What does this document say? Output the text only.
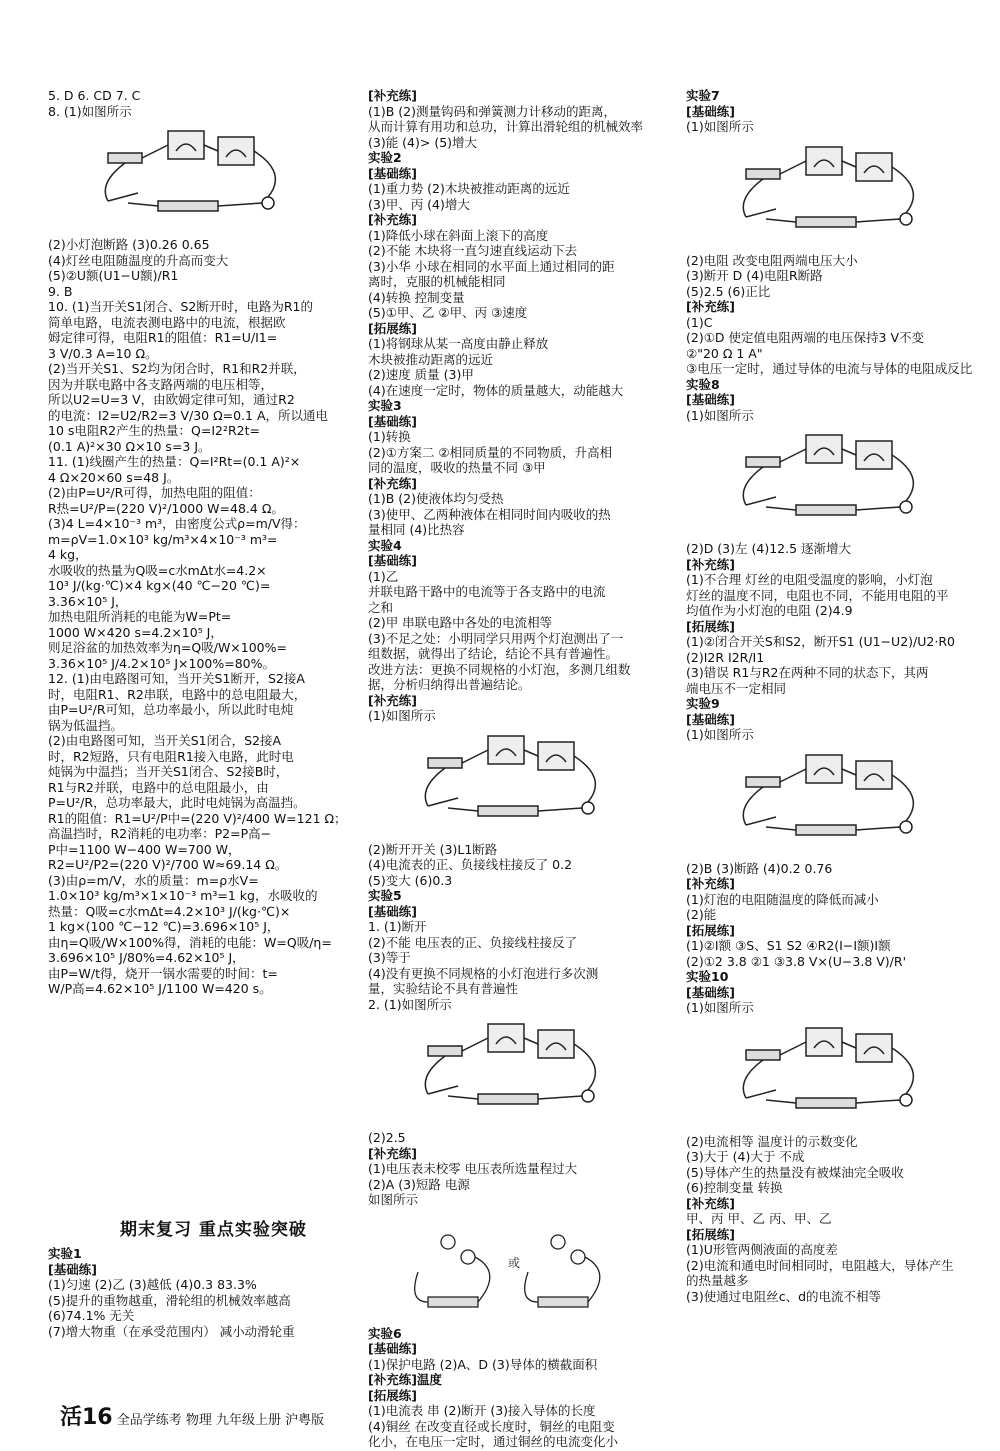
5. D 6. CD 7. C
8. (1)如图所示
(2)小灯泡断路 (3)0.26 0.65
(4)灯丝电阻随温度的升高而变大
(5)②U额(U1−U额)/R1
9. B
10. (1)当开关S1闭合、S2断开时，电路为R1的
简单电路，电流表测电路中的电流，根据欧
姆定律可得，电阻R1的阻值：R1=U/I1=
3 V/0.3 A=10 Ω。
(2)当开关S1、S2均为闭合时，R1和R2并联，
因为并联电路中各支路两端的电压相等，
所以U2=U=3 V，由欧姆定律可知，通过R2
的电流：I2=U2/R2=3 V/30 Ω=0.1 A，所以通电
10 s电阻R2产生的热量：Q=I2²R2t=
(0.1 A)²×30 Ω×10 s=3 J。
11. (1)线圈产生的热量：Q=I²Rt=(0.1 A)²×
4 Ω×20×60 s=48 J。
(2)由P=U²/R可得，加热电阻的阻值：
R热=U²/P=(220 V)²/1000 W=48.4 Ω。
(3)4 L=4×10⁻³ m³，由密度公式ρ=m/V得：
m=ρV=1.0×10³ kg/m³×4×10⁻³ m³=
4 kg，
水吸收的热量为Q吸=c水mΔt水=4.2×
10³ J/(kg·℃)×4 kg×(40 ℃−20 ℃)=
3.36×10⁵ J，
加热电阻所消耗的电能为W=Pt=
1000 W×420 s=4.2×10⁵ J，
则足浴盆的加热效率为η=Q吸/W×100%=
3.36×10⁵ J/4.2×10⁵ J×100%=80%。
12. (1)由电路图可知，当开关S1断开，S2接A
时，电阻R1、R2串联，电路中的总电阻最大，
由P=U²/R可知，总功率最小，所以此时电炖
锅为低温挡。
(2)由电路图可知，当开关S1闭合，S2接A
时，R2短路，只有电阻R1接入电路，此时电
炖锅为中温挡；当开关S1闭合、S2接B时，
R1与R2并联，电路中的总电阻最小，由
P=U²/R，总功率最大，此时电炖锅为高温挡。
R1的阻值：R1=U²/P中=(220 V)²/400 W=121 Ω；
高温挡时，R2消耗的电功率：P2=P高−
P中=1100 W−400 W=700 W，
R2=U²/P2=(220 V)²/700 W≈69.14 Ω。
(3)由ρ=m/V，水的质量：m=ρ水V=
1.0×10³ kg/m³×1×10⁻³ m³=1 kg，水吸收的
热量：Q吸=c水mΔt=4.2×10³ J/(kg·℃)×
1 kg×(100 ℃−12 ℃)=3.696×10⁵ J，
由η=Q吸/W×100%得，消耗的电能：W=Q吸/η=
3.696×10⁵ J/80%=4.62×10⁵ J，
由P=W/t得，烧开一锅水需要的时间：t=
W/P高=4.62×10⁵ J/1100 W=420 s。
[补充练]
(1)B (2)测量钩码和弹簧测力计移动的距离，
从而计算有用功和总功，计算出滑轮组的机械效率
(3)能 (4)> (5)增大
实验2
[基础练]
(1)重力势 (2)木块被推动距离的远近
(3)甲、丙 (4)增大
[补充练]
(1)降低小球在斜面上滚下的高度
(2)不能 木块将一直匀速直线运动下去
(3)小华 小球在相同的水平面上通过相同的距
离时，克服的机械能相同
(4)转换 控制变量
(5)①甲、乙 ②甲、丙 ③速度
[拓展练]
(1)将钢球从某一高度由静止释放
木块被推动距离的远近
(2)速度 质量 (3)甲
(4)在速度一定时，物体的质量越大，动能越大
实验3
[基础练]
(1)转换
(2)①方案二 ②相同质量的不同物质，升高相
同的温度，吸收的热量不同 ③甲
[补充练]
(1)B (2)使液体均匀受热
(3)使甲、乙两种液体在相同时间内吸收的热
量相同 (4)比热容
实验4
[基础练]
(1)乙
并联电路干路中的电流等于各支路中的电流
之和
(2)甲 串联电路中各处的电流相等
(3)不足之处：小明同学只用两个灯泡测出了一
组数据，就得出了结论，结论不具有普遍性。
改进方法：更换不同规格的小灯泡，多测几组数
据，分析归纳得出普遍结论。
[补充练]
(1)如图所示
(2)断开开关 (3)L1断路
(4)电流表的正、负接线柱接反了 0.2
(5)变大 (6)0.3
实验5
[基础练]
1. (1)断开
(2)不能 电压表的正、负接线柱接反了
(3)等于
(4)没有更换不同规格的小灯泡进行多次测
量，实验结论不具有普遍性
2. (1)如图所示
(2)2.5
[补充练]
(1)电压表未校零 电压表所选量程过大
(2)A (3)短路 电源
如图所示
或
实验6
[基础练]
(1)保护电路 (2)A、D (3)导体的横截面积
[补充练]温度
[拓展练]
(1)电流表 串 (2)断开 (3)接入导体的长度
(4)铜丝 在改变直径或长度时，铜丝的电阻变
化小，在电压一定时，通过铜丝的电流变化小
实验7
[基础练]
(1)如图所示
(2)电阻 改变电阻两端电压大小
(3)断开 D (4)电阻R断路
(5)2.5 (6)正比
[补充练]
(1)C
(2)①D 使定值电阻两端的电压保持3 V不变
②"20 Ω 1 A"
③电压一定时，通过导体的电流与导体的电阻成反比
实验8
[基础练]
(1)如图所示
(2)D (3)左 (4)12.5 逐渐增大
[补充练]
(1)不合理 灯丝的电阻受温度的影响，小灯泡
灯丝的温度不同，电阻也不同，不能用电阻的平
均值作为小灯泡的电阻 (2)4.9
[拓展练]
(1)②闭合开关S和S2，断开S1 (U1−U2)/U2·R0
(2)I2R I2R/I1
(3)错误 R1与R2在两种不同的状态下，其两
端电压不一定相同
实验9
[基础练]
(1)如图所示
(2)B (3)断路 (4)0.2 0.76
[补充练]
(1)灯泡的电阻随温度的降低而减小
(2)能
[拓展练]
(1)②I额 ③S、S1 S2 ④R2(I−I额)I额
(2)①2 3.8 ②1 ③3.8 V×(U−3.8 V)/R'
实验10
[基础练]
(1)如图所示
(2)电流相等 温度计的示数变化
(3)大于 (4)大于 不成
(5)导体产生的热量没有被煤油完全吸收
(6)控制变量 转换
[补充练]
甲、丙 甲、乙 丙、甲、乙
[拓展练]
(1)U形管两侧液面的高度差
(2)电流和通电时间相同时，电阻越大，导体产生
的热量越多
(3)使通过电阻丝c、d的电流不相等
期末复习 重点实验突破
实验1
[基础练]
(1)匀速 (2)乙 (3)越低 (4)0.3 83.3%
(5)提升的重物越重，滑轮组的机械效率越高
(6)74.1% 无关
(7)增大物重（在承受范围内） 减小动滑轮重
活16 全品学练考 物理 九年级上册 沪粤版
